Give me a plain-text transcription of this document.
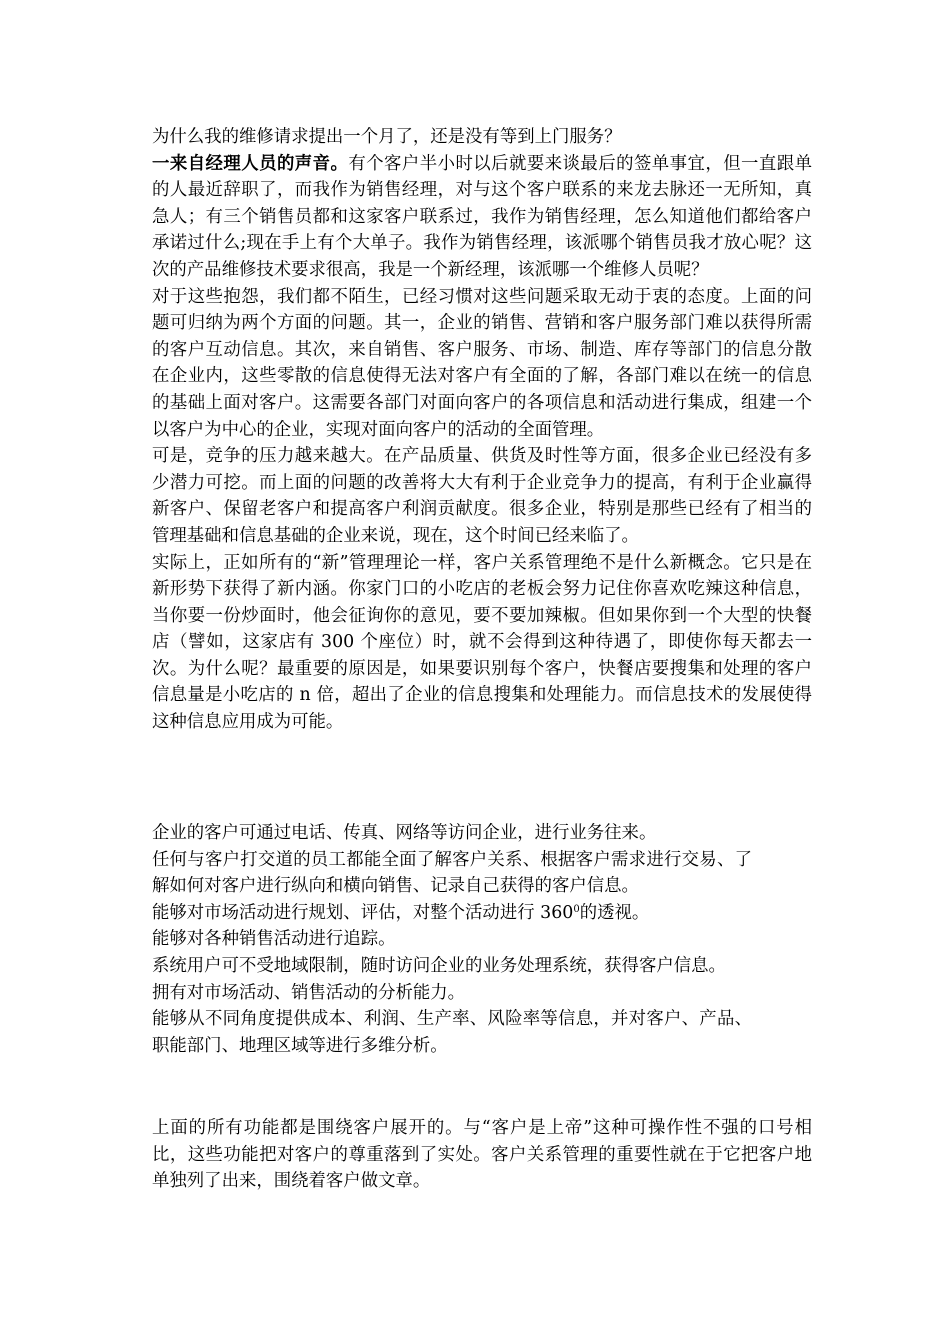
为什么我的维修请求提出一个月了，还是没有等到上门服务？

一来自经理人员的声音。有个客户半小时以后就要来谈最后的签单事宜，但一直跟单的人最近辞职了，而我作为销售经理，对与这个客户联系的来龙去脉还一无所知，真急人；有三个销售员都和这家客户联系过，我作为销售经理，怎么知道他们都给客户承诺过什么;现在手上有个大单子。我作为销售经理，该派哪个销售员我才放心呢？这次的产品维修技术要求很高，我是一个新经理，该派哪一个维修人员呢？

对于这些抱怨，我们都不陌生，已经习惯对这些问题采取无动于衷的态度。上面的问题可归纳为两个方面的问题。其一，企业的销售、营销和客户服务部门难以获得所需的客户互动信息。其次，来自销售、客户服务、市场、制造、库存等部门的信息分散在企业内，这些零散的信息使得无法对客户有全面的了解，各部门难以在统一的信息的基础上面对客户。这需要各部门对面向客户的各项信息和活动进行集成，组建一个以客户为中心的企业，实现对面向客户的活动的全面管理。

可是，竞争的压力越来越大。在产品质量、供货及时性等方面，很多企业已经没有多少潜力可挖。而上面的问题的改善将大大有利于企业竞争力的提高，有利于企业赢得新客户、保留老客户和提高客户利润贡献度。很多企业，特别是那些已经有了相当的管理基础和信息基础的企业来说，现在，这个时间已经来临了。

实际上，正如所有的“新”管理理论一样，客户关系管理绝不是什么新概念。它只是在新形势下获得了新内涵。你家门口的小吃店的老板会努力记住你喜欢吃辣这种信息，当你要一份炒面时，他会征询你的意见，要不要加辣椒。但如果你到一个大型的快餐店（譬如，这家店有 300 个座位）时，就不会得到这种待遇了，即使你每天都去一次。为什么呢？最重要的原因是，如果要识别每个客户，快餐店要搜集和处理的客户信息量是小吃店的 n 倍，超出了企业的信息搜集和处理能力。而信息技术的发展使得这种信息应用成为可能。

企业的客户可通过电话、传真、网络等访问企业，进行业务往来。

任何与客户打交道的员工都能全面了解客户关系、根据客户需求进行交易、了解如何对客户进行纵向和横向销售、记录自己获得的客户信息。

能够对市场活动进行规划、评估，对整个活动进行 $360^0$的透视。

能够对各种销售活动进行追踪。

系统用户可不受地域限制，随时访问企业的业务处理系统，获得客户信息。

拥有对市场活动、销售活动的分析能力。

能够从不同角度提供成本、利润、生产率、风险率等信息，并对客户、产品、职能部门、地理区域等进行多维分析。

上面的所有功能都是围绕客户展开的。与“客户是上帝”这种可操作性不强的口号相比，这些功能把对客户的尊重落到了实处。客户关系管理的重要性就在于它把客户地单独列了出来，围绕着客户做文章。
